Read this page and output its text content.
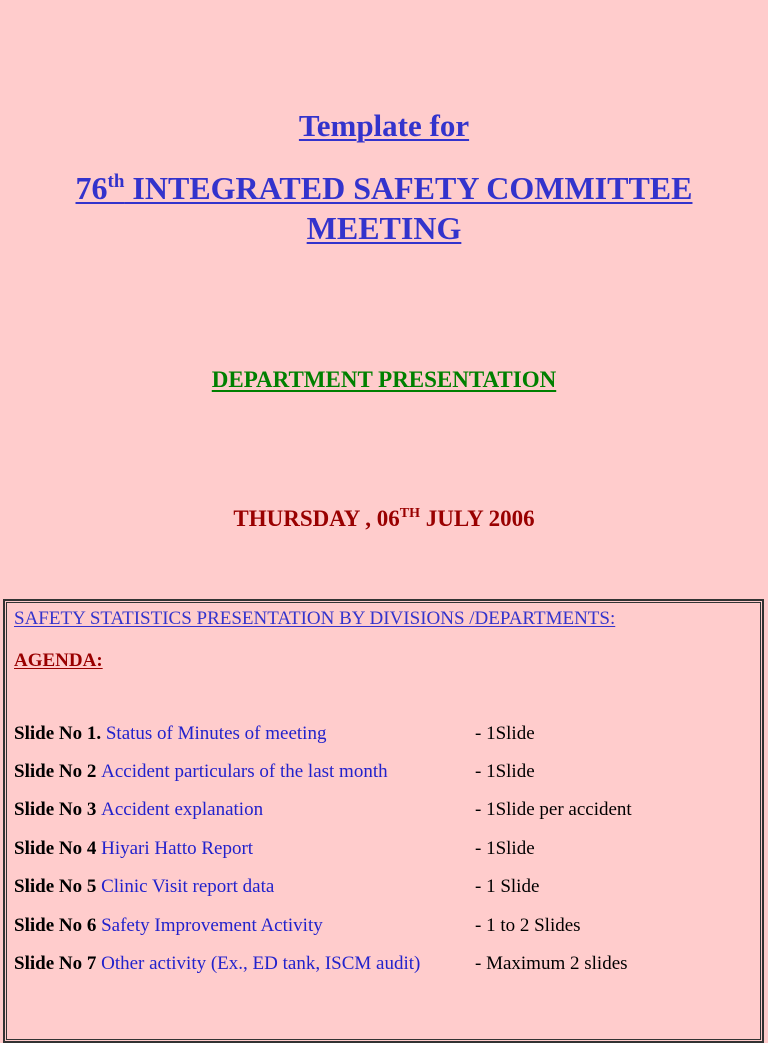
Template for
76th INTEGRATED SAFETY COMMITTEE
MEETING
DEPARTMENT PRESENTATION
THURSDAY , 06TH JULY 2006
SAFETY STATISTICS PRESENTATION BY DIVISIONS /DEPARTMENTS:
AGENDA:
Slide No 1. Status of Minutes of meeting	- 1Slide
Slide No 2 Accident particulars of the last month	- 1Slide
Slide No 3 Accident explanation	- 1Slide per accident
Slide No 4 Hiyari Hatto Report	- 1Slide
Slide No 5 Clinic Visit report data	- 1 Slide
Slide No 6 Safety Improvement Activity	- 1 to 2 Slides
Slide No 7 Other activity (Ex., ED tank, ISCM audit)	- Maximum 2 slides
